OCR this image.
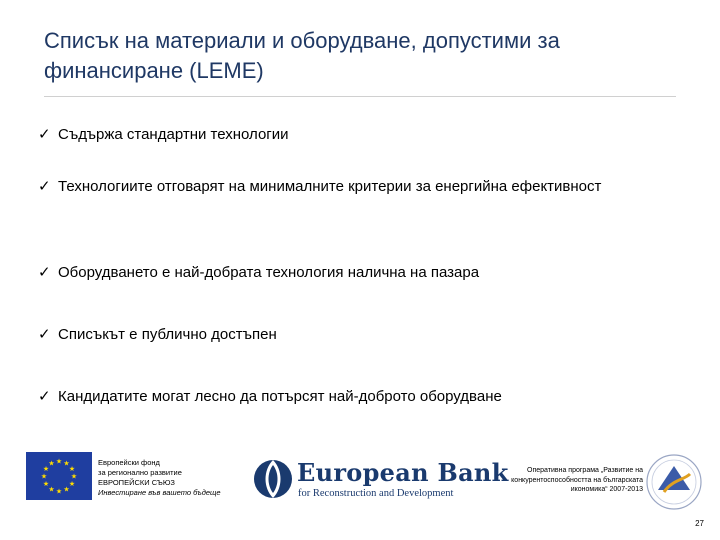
Списък на материали и оборудване, допустими за финансиране (LEME)
✓ Съдържа стандартни технологии
✓ Технологиите отговарят на минималните критерии за енергийна ефективност
✓ Оборудването е най-добрата технология налична на пазара
✓ Списъкът е публично достъпен
✓ Кандидатите могат лесно да потърсят най-доброто оборудване
★ ★
★
★
★
★
★
★
★
★
★
★	Европейски фонд
за регионално развитие
ЕВРОПЕЙСКИ СЪЮЗ
Инвестиране във вашето бъдеще
European Bank
for Reconstruction and Development
Оперативна програма „Развитие на
конкурентоспособността на българската
икономика“ 2007-2013
27
